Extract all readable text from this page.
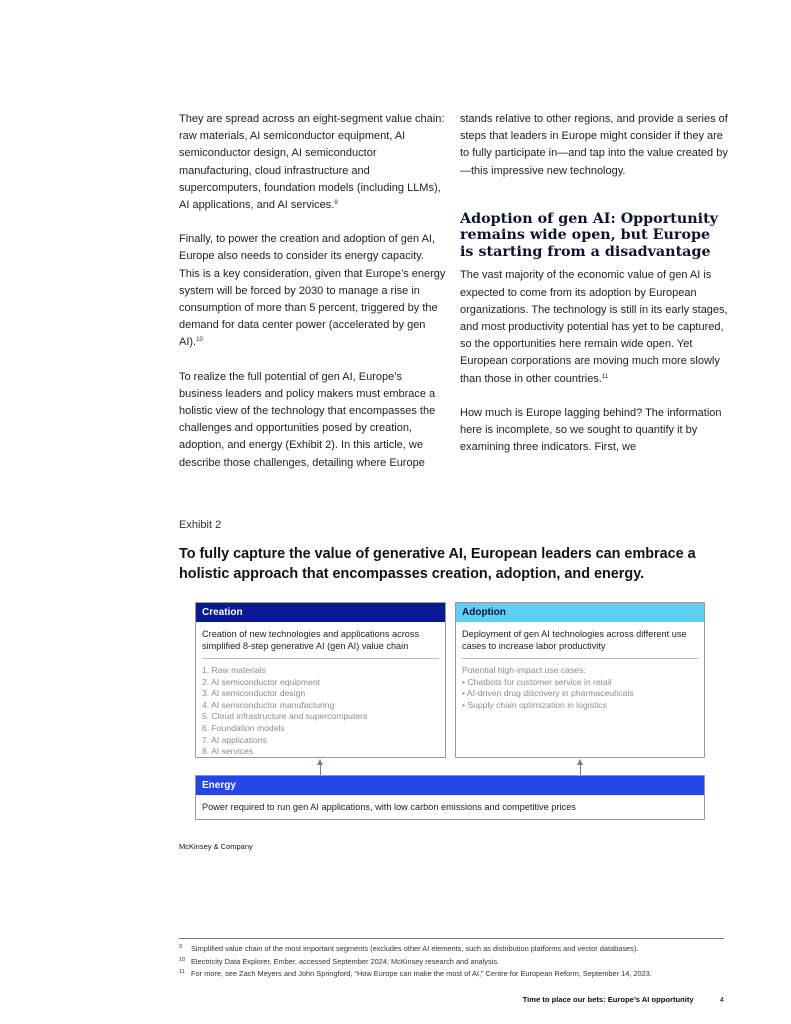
They are spread across an eight-segment value chain: raw materials, AI semiconductor equipment, AI semiconductor design, AI semiconductor manufacturing, cloud infrastructure and supercomputers, foundation models (including LLMs), AI applications, and AI services.$^9$

Finally, to power the creation and adoption of gen AI, Europe also needs to consider its energy capacity. This is a key consideration, given that Europe’s energy system will be forced by 2030 to manage a rise in consumption of more than 5 percent, triggered by the demand for data center power (accelerated by gen AI).$^{10}$

To realize the full potential of gen AI, Europe’s business leaders and policy makers must embrace a holistic view of the technology that encompasses the challenges and opportunities posed by creation, adoption, and energy (Exhibit 2). In this article, we describe those challenges, detailing where Europe

stands relative to other regions, and provide a series of steps that leaders in Europe might consider if they are to fully participate in—and tap into the value created by—this impressive new technology.

Adoption of gen AI: Opportunity remains wide open, but Europe is starting from a disadvantage

The vast majority of the economic value of gen AI is expected to come from its adoption by European organizations. The technology is still in its early stages, and most productivity potential has yet to be captured, so the opportunities here remain wide open. Yet European corporations are moving much more slowly than those in other countries.$^{11}$

How much is Europe lagging behind? The information here is incomplete, so we sought to quantify it by examining three indicators. First, we

Exhibit 2
To fully capture the value of generative AI, European leaders can embrace a holistic approach that encompasses creation, adoption, and energy.
Creation
Creation of new technologies and applications across simplified 8-step generative AI (gen AI) value chain
1. Raw materials
2. AI semiconductor equipment
3. AI semiconductor design
4. AI semiconductor manufacturing
5. Cloud infrastructure and supercomputers
6. Foundation models
7. AI applications
8. AI services
Adoption
Deployment of gen AI technologies across different use cases to increase labor productivity
Potential high-impact use cases:
• Chatbots for customer service in retail
• AI-driven drug discovery in pharmaceuticals
• Supply chain optimization in logistics
Energy
Power required to run gen AI applications, with low carbon emissions and competitive prices
McKinsey & Company
9 Simplified value chain of the most important segments (excludes other AI elements, such as distribution platforms and vector databases).
10 Electricity Data Explorer, Ember, accessed September 2024; McKinsey research and analysis.
11 For more, see Zach Meyers and John Springford, “How Europe can make the most of AI,” Centre for European Reform, September 14, 2023.
Time to place our bets: Europe’s AI opportunity	4
